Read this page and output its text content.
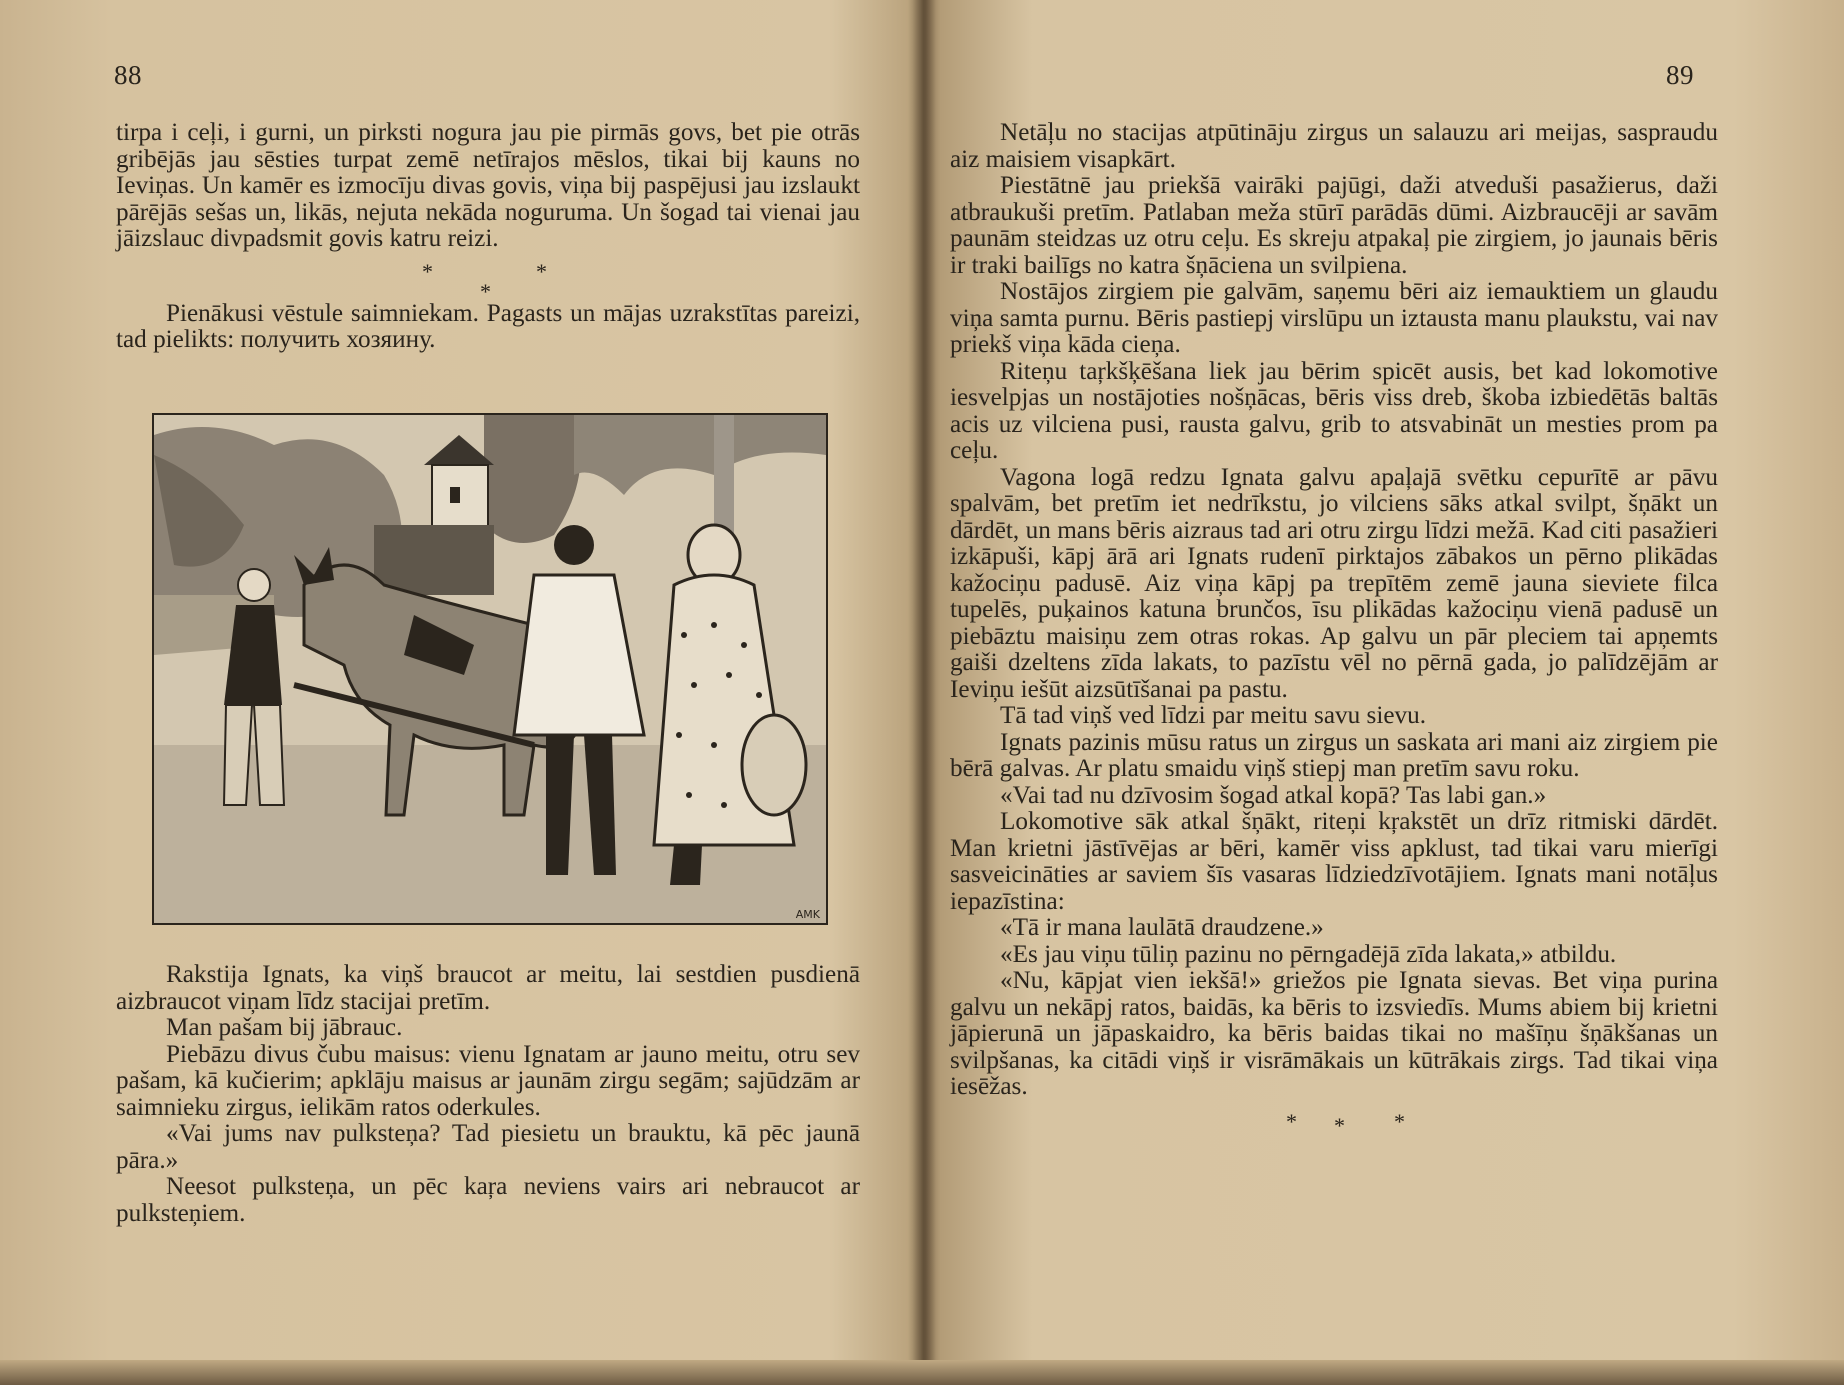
88

tirpa i ceļi, i gurni, un pirksti nogura jau pie pirmās govs, bet pie otrās gribējās jau sēsties turpat zemē netīrajos mēslos, tikai bij kauns no Ieviņas. Un kamēr es izmocīju divas govis, viņa bij paspējusi jau izslaukt pārējās sešas un, likās, nejuta nekāda noguruma. Un šogad tai vienai jau jāizslauc divpadsmit govis katru reizi.

*	*
*

Pienākusi vēstule saimniekam. Pagasts un mājas uzrakstītas pareizi, tad pielikts: получить хозяину.

AMK

Rakstija Ignats, ka viņš braucot ar meitu, lai sestdien pusdienā aizbraucot viņam līdz stacijai pretīm.

Man pašam bij jābrauc.

Piebāzu divus čubu maisus: vienu Ignatam ar jauno meitu, otru sev pašam, kā kučierim; apklāju maisus ar jaunām zirgu segām; sajūdzām ar saimnieku zirgus, ielikām ratos oderkules.

«Vai jums nav pulksteņa? Tad piesietu un brauktu, kā pēc jaunā pāra.»

Neesot pulksteņa, un pēc kaŗa neviens vairs ari nebraucot ar pulksteņiem.

89

Netāļu no stacijas atpūtināju zirgus un salauzu ari meijas, saspraudu aiz maisiem visapkārt.

Piestātnē jau priekšā vairāki pajūgi, daži atveduši pasažierus, daži atbraukuši pretīm. Patlaban meža stūrī parādās dūmi. Aizbraucēji ar savām paunām steidzas uz otru ceļu. Es skreju atpakaļ pie zirgiem, jo jaunais bēris ir traki bailīgs no katra šņāciena un svilpiena.

Nostājos zirgiem pie galvām, saņemu bēri aiz iemauktiem un glaudu viņa samta purnu. Bēris pastiepj virslūpu un iztausta manu plaukstu, vai nav priekš viņa kāda cieņa.

Riteņu taŗkšķēšana liek jau bērim spicēt ausis, bet kad lokomotive iesvelpjas un nostājoties nošņācas, bēris viss dreb, škoba izbiedētās baltās acis uz vilciena pusi, rausta galvu, grib to atsvabināt un mesties prom pa ceļu.

Vagona logā redzu Ignata galvu apaļajā svētku cepurītē ar pāvu spalvām, bet pretīm iet nedrīkstu, jo vilciens sāks atkal svilpt, šņākt un dārdēt, un mans bēris aizraus tad ari otru zirgu līdzi mežā. Kad citi pasažieri izkāpuši, kāpj ārā ari Ignats rudenī pirktajos zābakos un pērno plikādas kažociņu padusē. Aiz viņa kāpj pa trepītēm zemē jauna sieviete filca tupelēs, puķainos katuna brunčos, īsu plikādas kažociņu vienā padusē un piebāztu maisiņu zem otras rokas. Ap galvu un pār pleciem tai apņemts gaiši dzeltens zīda lakats, to pazīstu vēl no pērnā gada, jo palīdzējām ar Ieviņu iešūt aizsūtīšanai pa pastu.

Tā tad viņš ved līdzi par meitu savu sievu.

Ignats pazinis mūsu ratus un zirgus un saskata ari mani aiz zirgiem pie bērā galvas. Ar platu smaidu viņš stiepj man pretīm savu roku.

«Vai tad nu dzīvosim šogad atkal kopā? Tas labi gan.»

Lokomotive sāk atkal šņākt, riteņi kŗakstēt un drīz ritmiski dārdēt. Man krietni jāstīvējas ar bēri, kamēr viss apklust, tad tikai varu mierīgi sasveicināties ar saviem šīs vasaras līdziedzīvotājiem. Ignats mani notāļus iepazīstina:

«Tā ir mana laulātā draudzene.»

«Es jau viņu tūliņ pazinu no pērngadējā zīda lakata,» atbildu.

«Nu, kāpjat vien iekšā!» griežos pie Ignata sievas. Bet viņa purina galvu un nekāpj ratos, baidās, ka bēris to izsviedīs. Mums abiem bij krietni jāpierunā un jāpaskaidro, ka bēris baidas tikai no mašīņu šņākšanas un svilpšanas, ka citādi viņš ir visrāmākais un kūtrākais zirgs. Tad tikai viņa iesēžas.

* * *
